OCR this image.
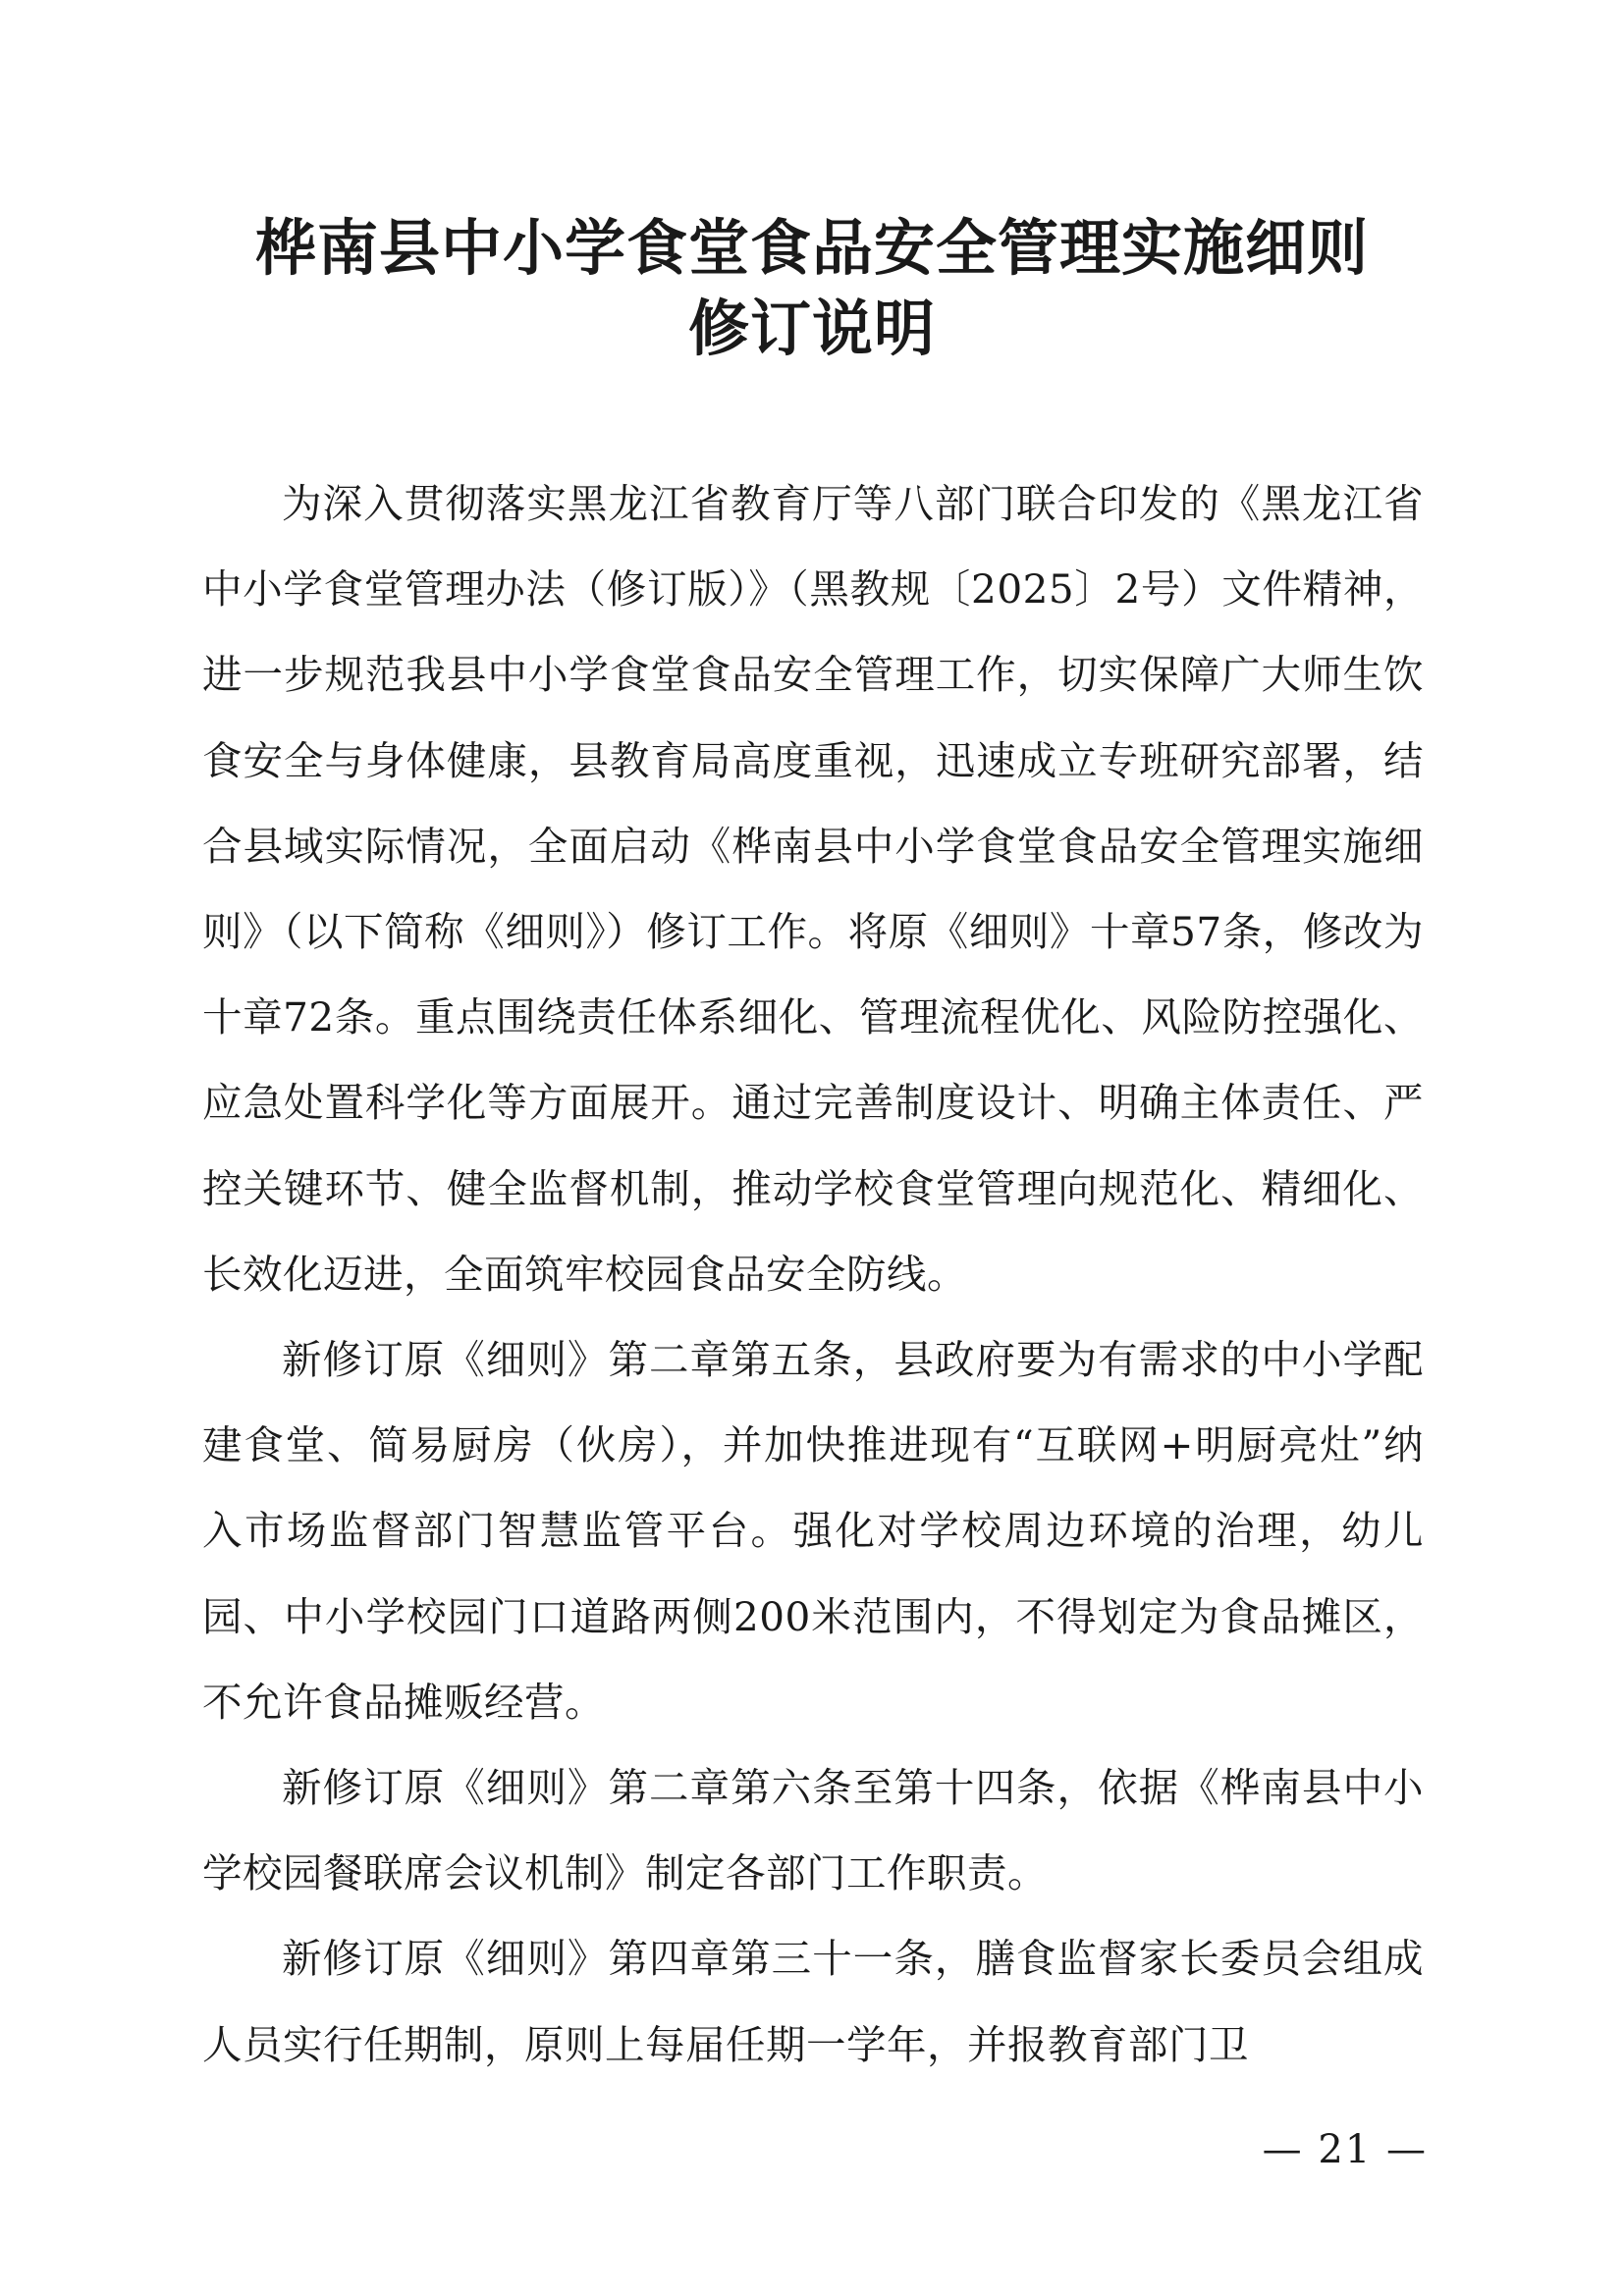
桦南县中小学食堂食品安全管理实施细则
修订说明

为深入贯彻落实黑龙江省教育厅等八部门联合印发的《黑龙江省中小学食堂管理办法（修订版）》（黑教规〔2025〕2号）文件精神，进一步规范我县中小学食堂食品安全管理工作，切实保障广大师生饮食安全与身体健康，县教育局高度重视，迅速成立专班研究部署，结合县域实际情况，全面启动《桦南县中小学食堂食品安全管理实施细则》（以下简称《细则》）修订工作。将原《细则》十章57条，修改为十章72条。重点围绕责任体系细化、管理流程优化、风险防控强化、应急处置科学化等方面展开。通过完善制度设计、明确主体责任、严控关键环节、健全监督机制，推动学校食堂管理向规范化、精细化、长效化迈进，全面筑牢校园食品安全防线。

新修订原《细则》第二章第五条，县政府要为有需求的中小学配建食堂、简易厨房（伙房），并加快推进现有“互联网+明厨亮灶”纳入市场监督部门智慧监管平台。强化对学校周边环境的治理，幼儿园、中小学校园门口道路两侧200米范围内，不得划定为食品摊区，不允许食品摊贩经营。

新修订原《细则》第二章第六条至第十四条，依据《桦南县中小学校园餐联席会议机制》制定各部门工作职责。

新修订原《细则》第四章第三十一条，膳食监督家长委员会组成人员实行任期制，原则上每届任期一学年，并报教育部门卫

— 21 —
